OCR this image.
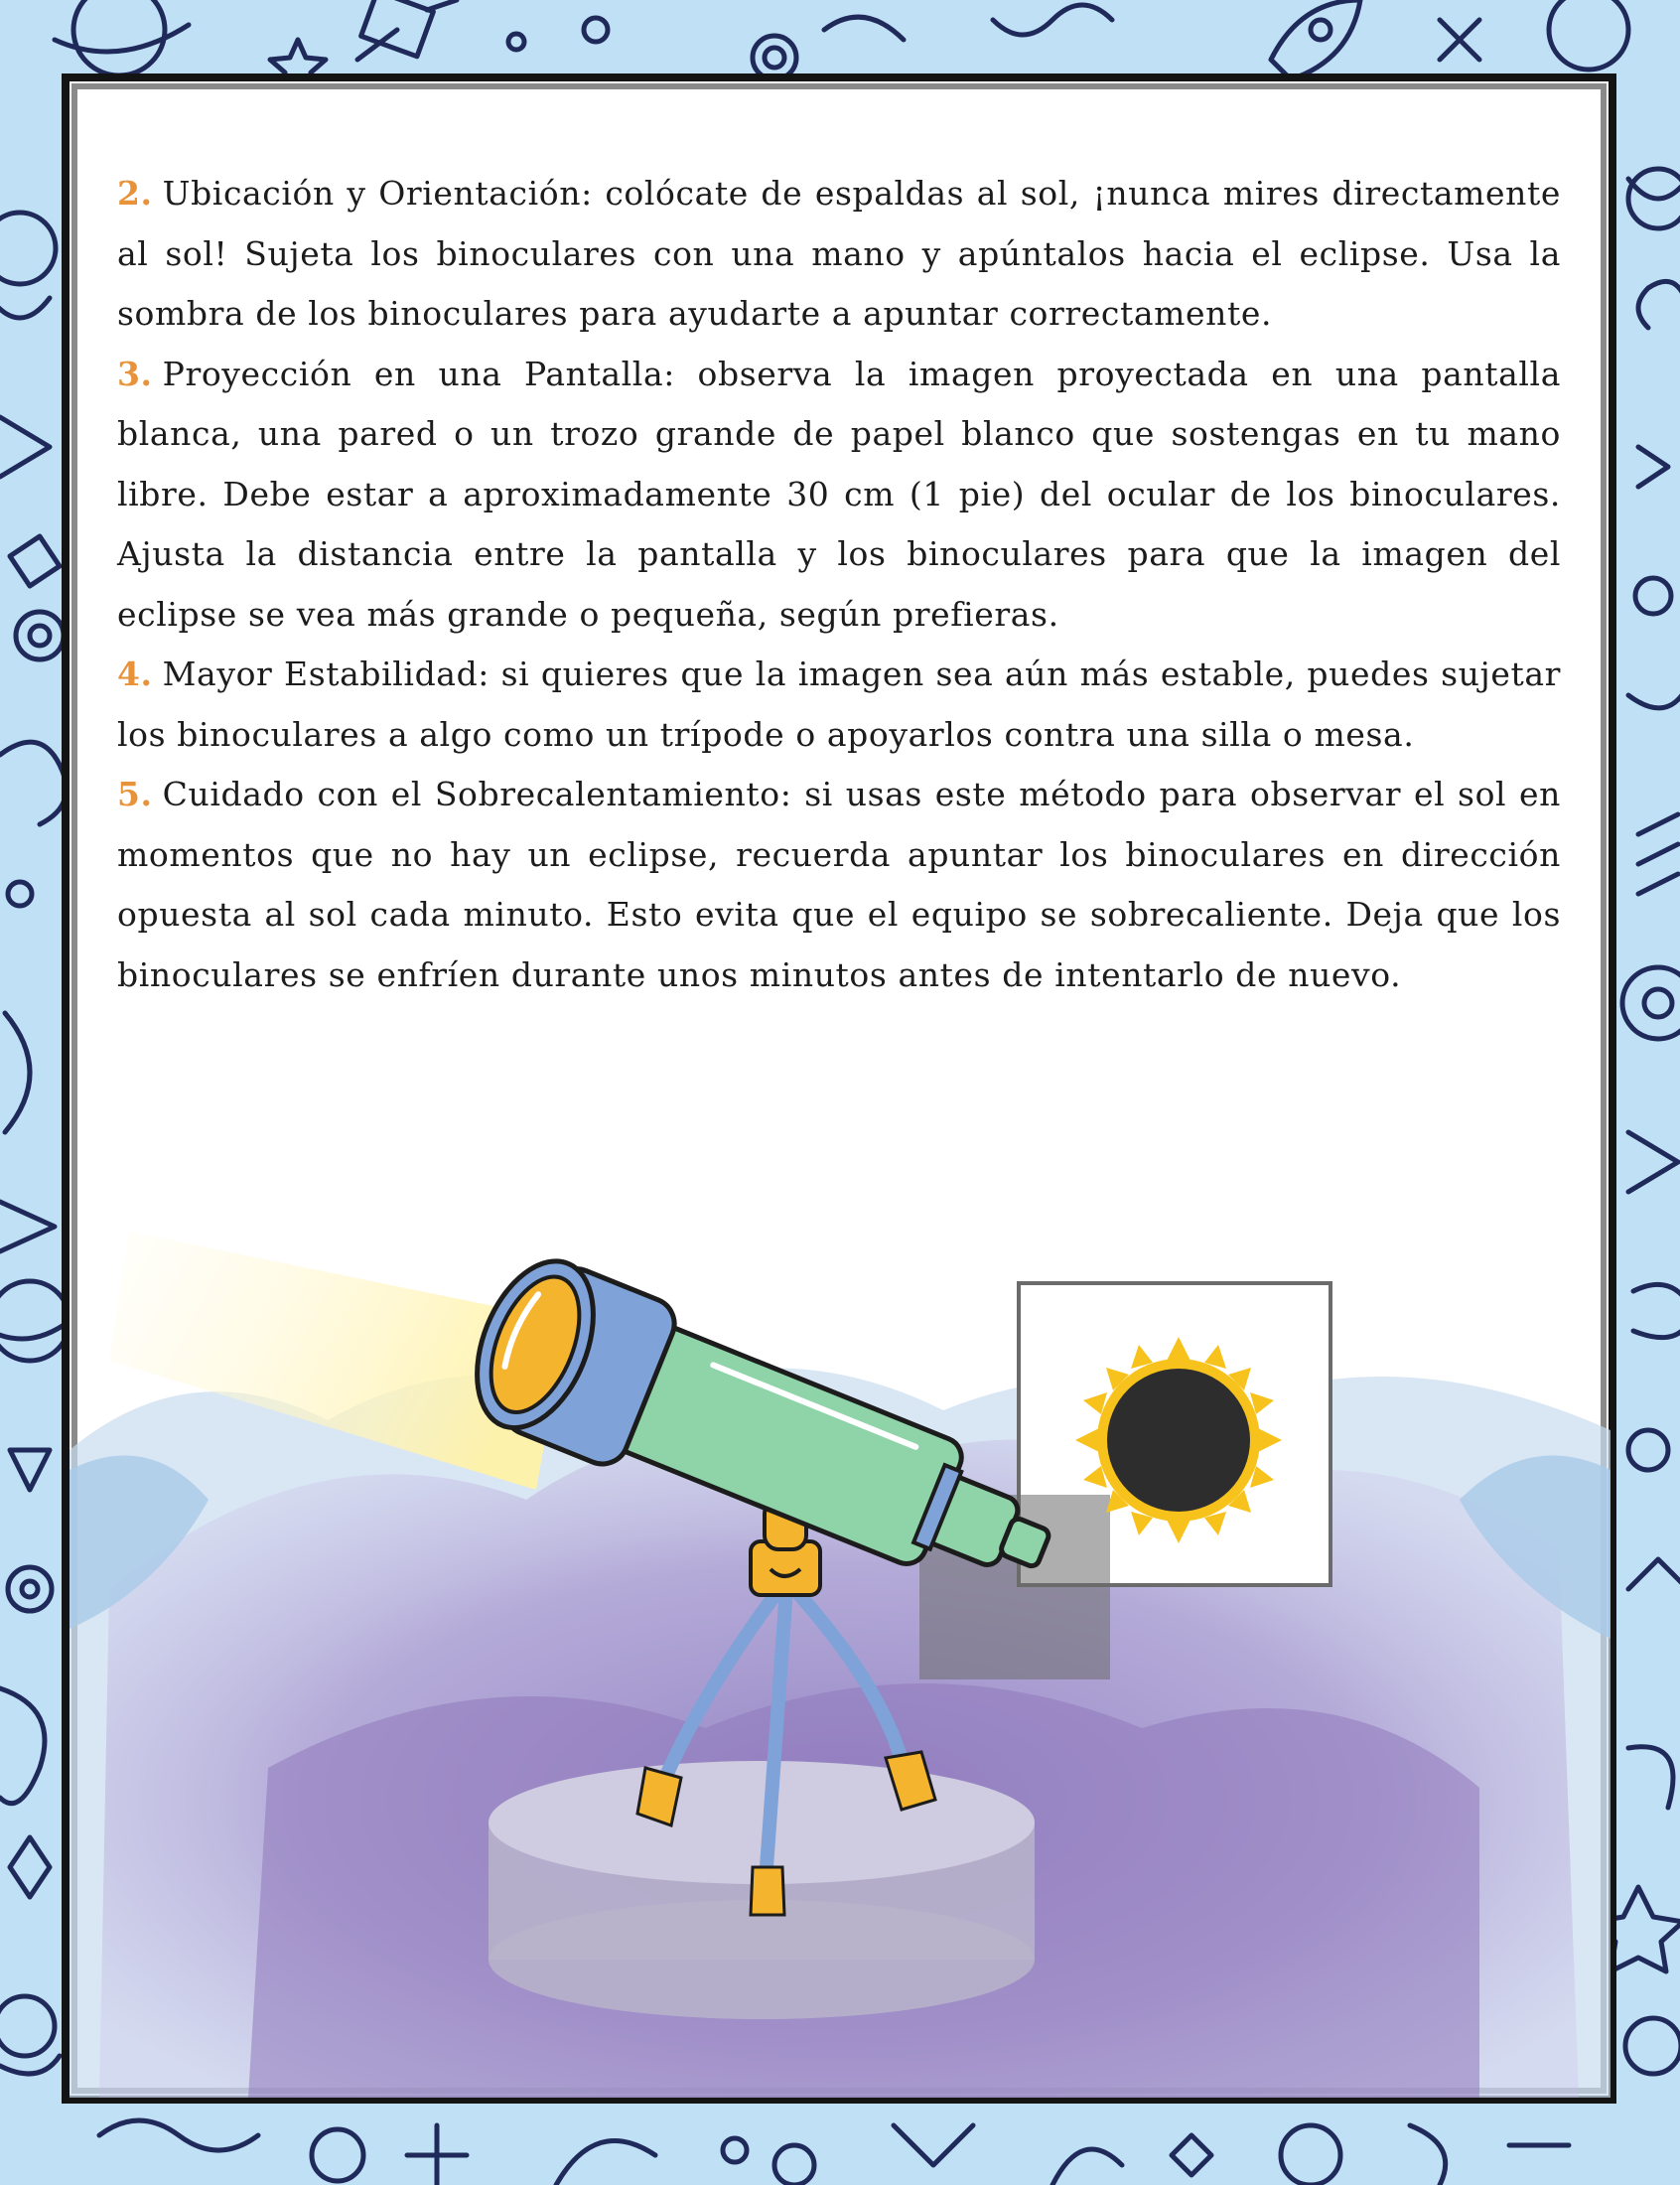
2. Ubicación y Orientación: colócate de espaldas al sol, ¡nunca mires directamente al sol! Sujeta los binoculares con una mano y apúntalos hacia el eclipse. Usa la sombra de los binoculares para ayudarte a apuntar correctamente.

3. Proyección en una Pantalla: observa la imagen proyectada en una pantalla blanca, una pared o un trozo grande de papel blanco que sostengas en tu mano libre. Debe estar a aproximadamente 30 cm (1 pie) del ocular de los binoculares. Ajusta la distancia entre la pantalla y los binoculares para que la imagen del eclipse se vea más grande o pequeña, según prefieras.

4. Mayor Estabilidad: si quieres que la imagen sea aún más estable, puedes sujetar los binoculares a algo como un trípode o apoyarlos contra una silla o mesa.

5. Cuidado con el Sobrecalentamiento: si usas este método para observar el sol en momentos que no hay un eclipse, recuerda apuntar los binoculares en dirección opuesta al sol cada minuto. Esto evita que el equipo se sobrecaliente. Deja que los binoculares se enfríen durante unos minutos antes de intentarlo de nuevo.
